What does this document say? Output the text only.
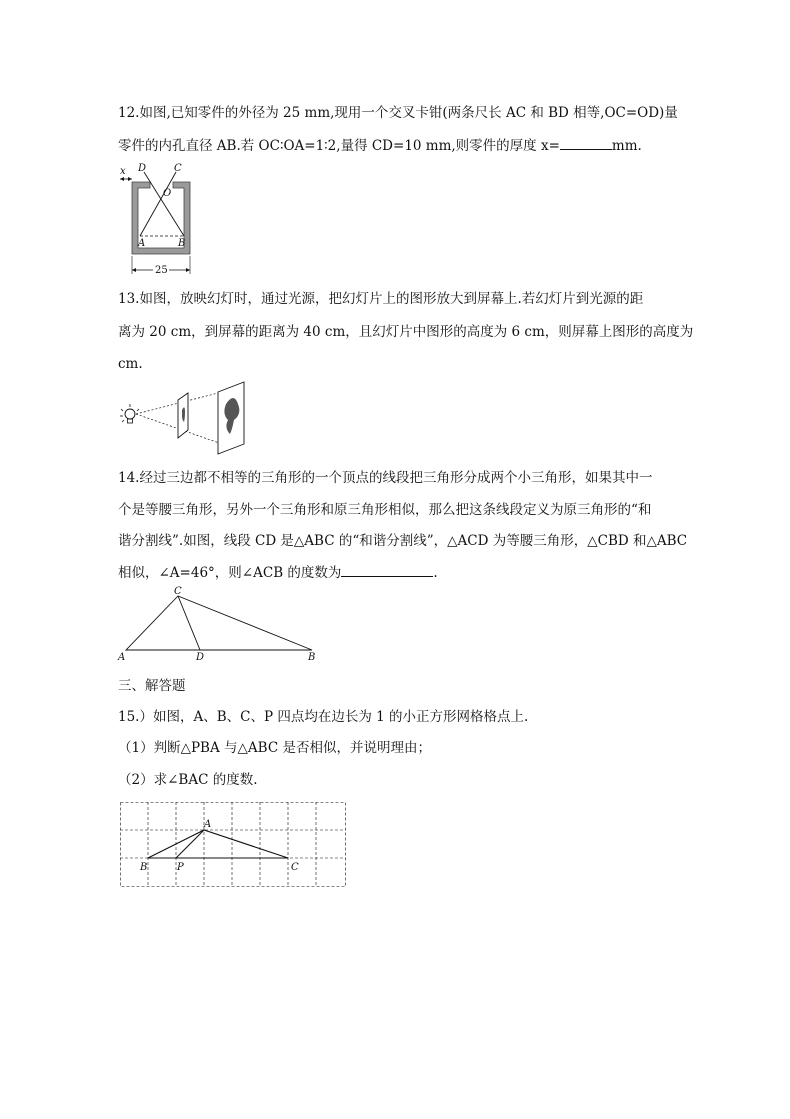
12.如图,已知零件的外径为 25 mm,现用一个交叉卡钳(两条尺长 AC 和 BD 相等,OC=OD)量
零件的内孔直径 AB.若 OC∶OA=1∶2,量得 CD=10 mm,则零件的厚度 x=	mm.
25
D	C
O
x
A	B
13.如图，放映幻灯时，通过光源，把幻灯片上的图形放大到屏幕上.若幻灯片到光源的距
离为 20 cm，到屏幕的距离为 40 cm，且幻灯片中图形的高度为 6 cm，则屏幕上图形的高度为
cm.
14.经过三边都不相等的三角形的一个顶点的线段把三角形分成两个小三角形，如果其中一
个是等腰三角形，另外一个三角形和原三角形相似，那么把这条线段定义为原三角形的“和
谐分割线”.如图，线段 CD 是△ABC 的“和谐分割线”，△ACD 为等腰三角形，△CBD 和△ABC
相似，∠A=46°，则∠ACB 的度数为	.
A	B
C
D
三、解答题
15.）如图，A、B、C、P 四点均在边长为 1 的小正方形网格格点上.
（1）判断△PBA 与△ABC 是否相似，并说明理由；
（2）求∠BAC 的度数.
A
B	P	C
